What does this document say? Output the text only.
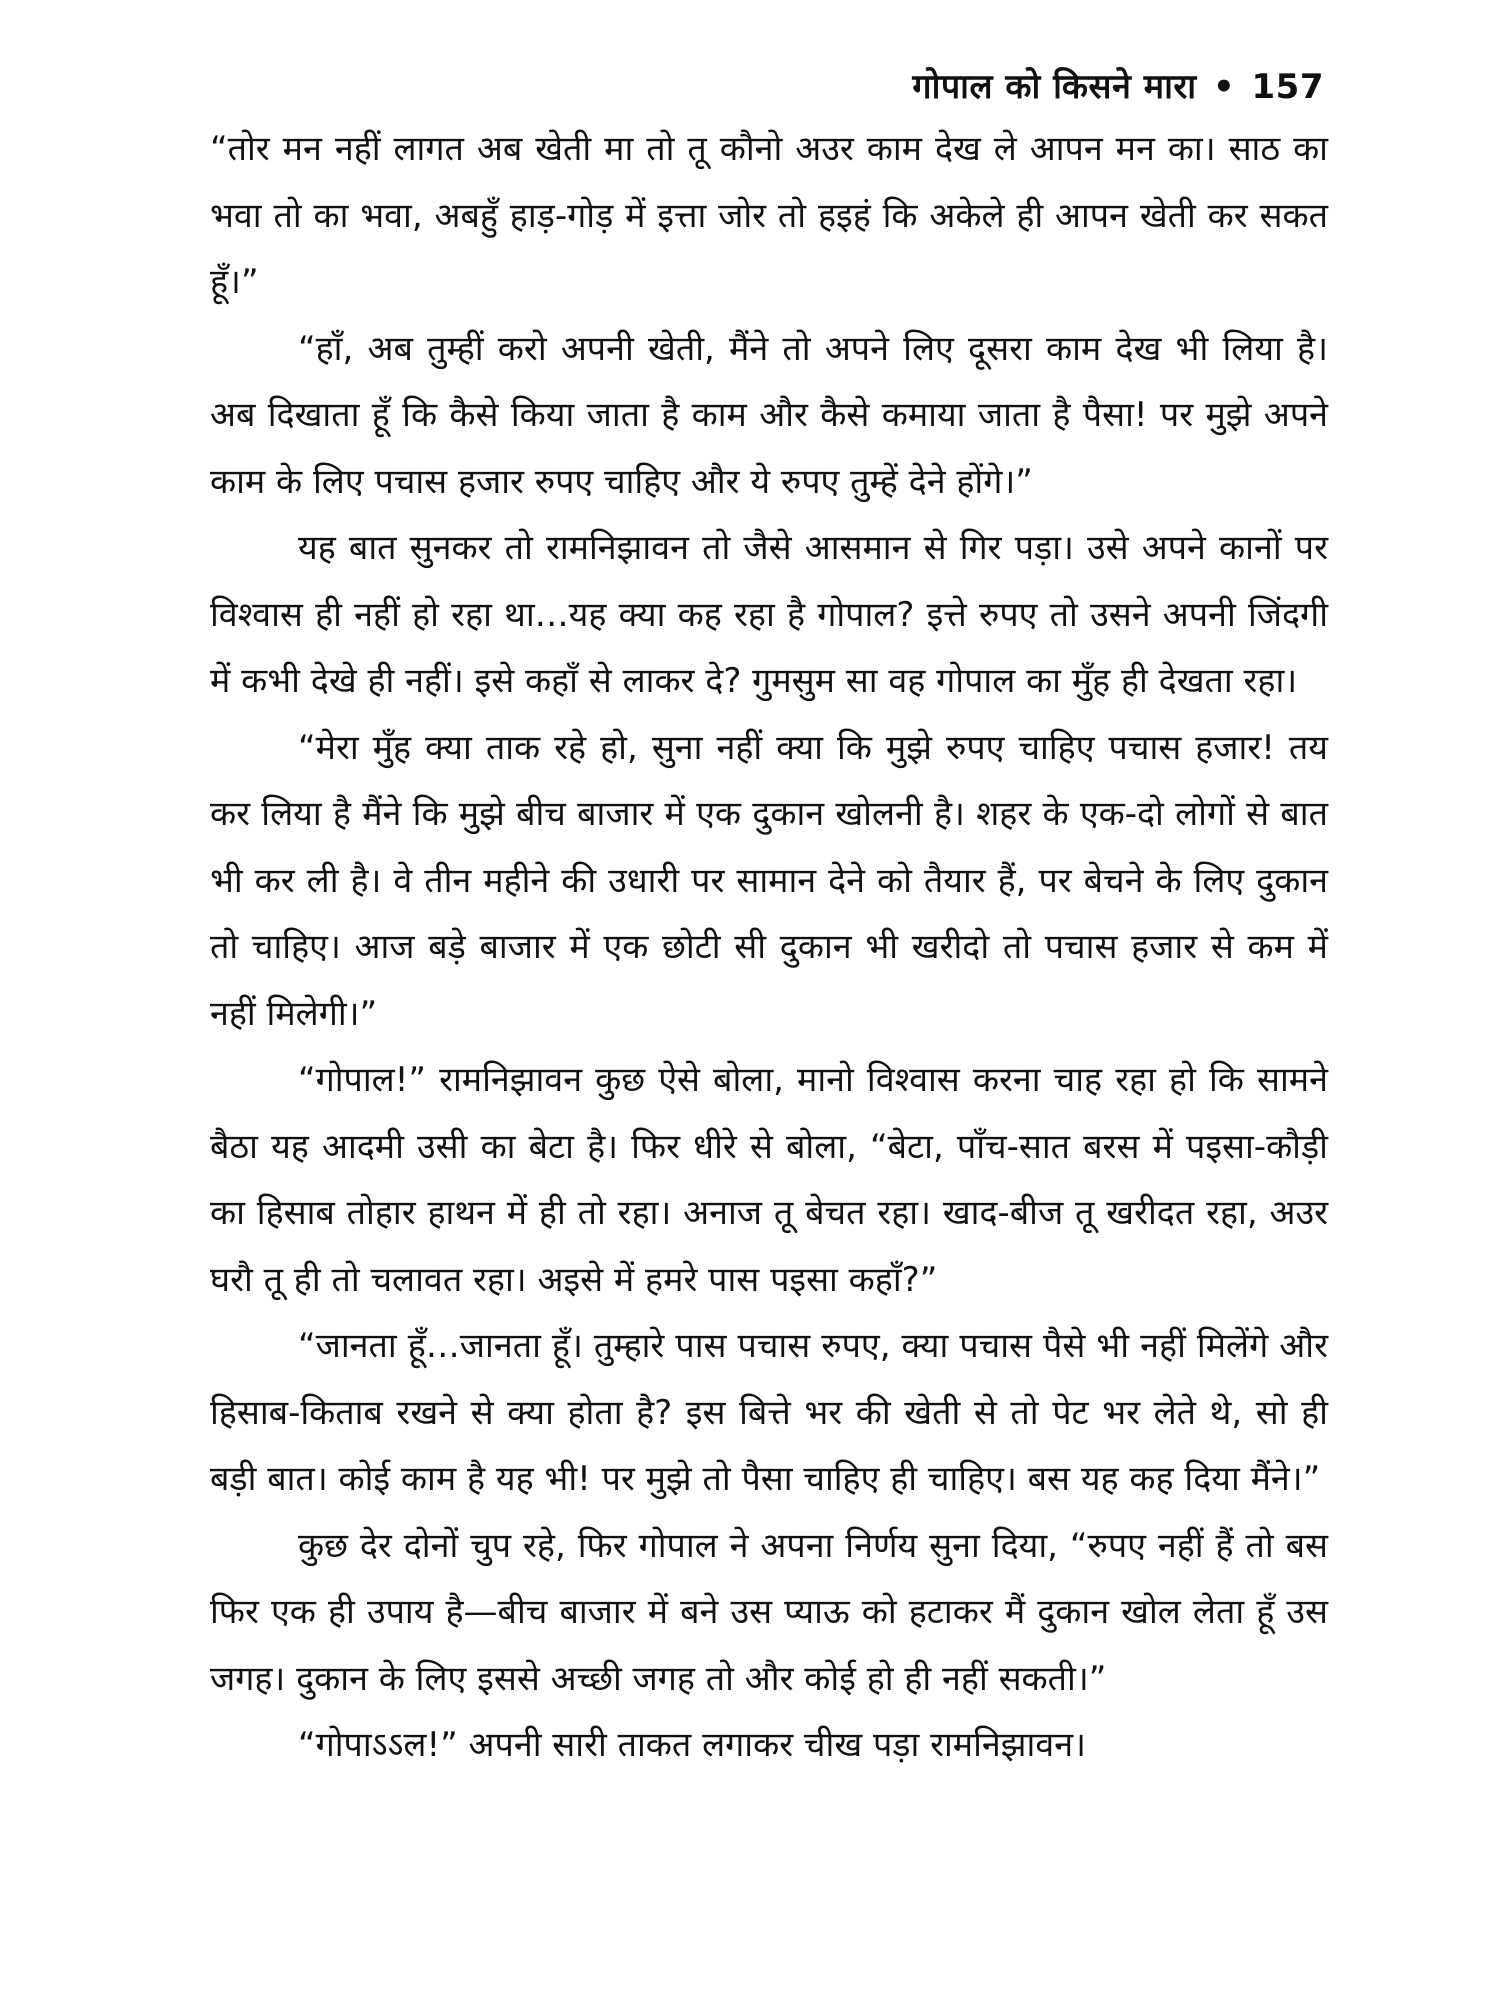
गोपाल को किसने मारा • 157

“तोर मन नहीं लागत अब खेती मा तो तू कौनो अउर काम देख ले आपन मन का। साठ का भवा तो का भवा, अबहुँ हाड़-गोड़ में इत्ता जोर तो हइहं कि अकेले ही आपन खेती कर सकत हूँ।”

“हाँ, अब तुम्हीं करो अपनी खेती, मैंने तो अपने लिए दूसरा काम देख भी लिया है। अब दिखाता हूँ कि कैसे किया जाता है काम और कैसे कमाया जाता है पैसा! पर मुझे अपने काम के लिए पचास हजार रुपए चाहिए और ये रुपए तुम्हें देने होंगे।”

यह बात सुनकर तो रामनिझावन तो जैसे आसमान से गिर पड़ा। उसे अपने कानों पर विश्वास ही नहीं हो रहा था…यह क्या कह रहा है गोपाल? इत्ते रुपए तो उसने अपनी जिंदगी में कभी देखे ही नहीं। इसे कहाँ से लाकर दे? गुमसुम सा वह गोपाल का मुँह ही देखता रहा।

“मेरा मुँह क्या ताक रहे हो, सुना नहीं क्या कि मुझे रुपए चाहिए पचास हजार! तय कर लिया है मैंने कि मुझे बीच बाजार में एक दुकान खोलनी है। शहर के एक-दो लोगों से बात भी कर ली है। वे तीन महीने की उधारी पर सामान देने को तैयार हैं, पर बेचने के लिए दुकान तो चाहिए। आज बड़े बाजार में एक छोटी सी दुकान भी खरीदो तो पचास हजार से कम में नहीं मिलेगी।”

“गोपाल!” रामनिझावन कुछ ऐसे बोला, मानो विश्वास करना चाह रहा हो कि सामने बैठा यह आदमी उसी का बेटा है। फिर धीरे से बोला, “बेटा, पाँच-सात बरस में पइसा-कौड़ी का हिसाब तोहार हाथन में ही तो रहा। अनाज तू बेचत रहा। खाद-बीज तू खरीदत रहा, अउर घरौ तू ही तो चलावत रहा। अइसे में हमरे पास पइसा कहाँ?”

“जानता हूँ…जानता हूँ। तुम्हारे पास पचास रुपए, क्या पचास पैसे भी नहीं मिलेंगे और हिसाब-किताब रखने से क्या होता है? इस बित्ते भर की खेती से तो पेट भर लेते थे, सो ही बड़ी बात। कोई काम है यह भी! पर मुझे तो पैसा चाहिए ही चाहिए। बस यह कह दिया मैंने।”

कुछ देर दोनों चुप रहे, फिर गोपाल ने अपना निर्णय सुना दिया, “रुपए नहीं हैं तो बस फिर एक ही उपाय है—बीच बाजार में बने उस प्याऊ को हटाकर मैं दुकान खोल लेता हूँ उस जगह। दुकान के लिए इससे अच्छी जगह तो और कोई हो ही नहीं सकती।”

“गोपाऽऽल!” अपनी सारी ताकत लगाकर चीख पड़ा रामनिझावन।
